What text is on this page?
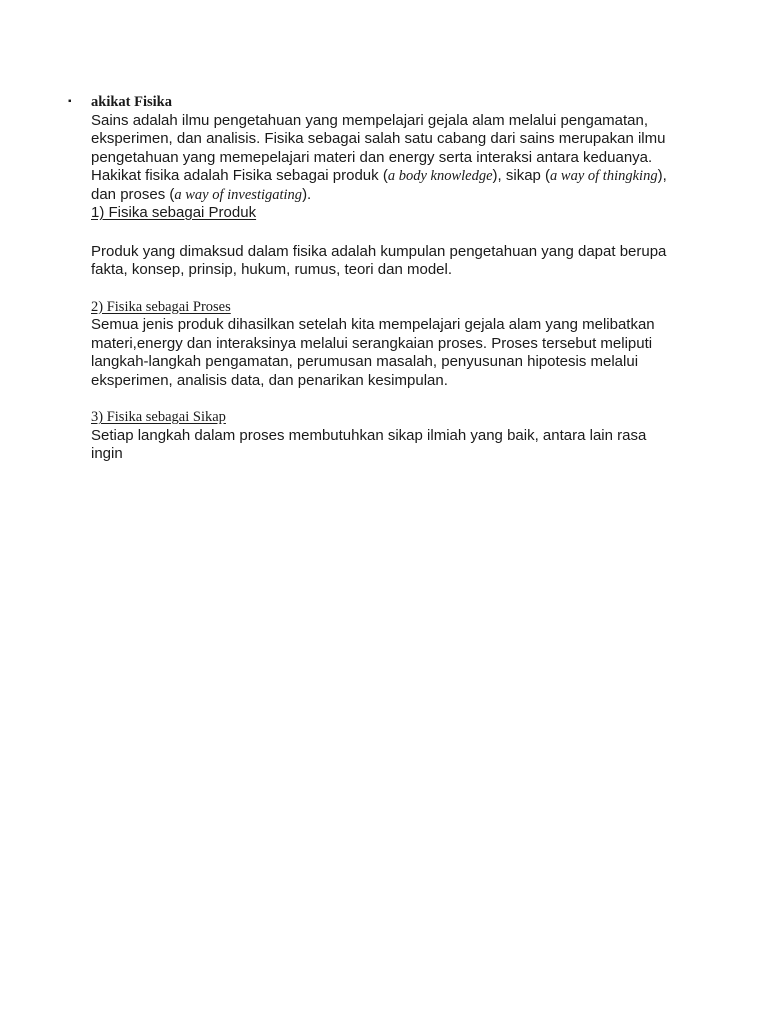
▪ akikat Fisika

Sains adalah ilmu pengetahuan yang mempelajari gejala alam melalui pengamatan,
eksperimen, dan analisis. Fisika sebagai salah satu cabang dari sains merupakan ilmu
pengetahuan yang memepelajari materi dan energy serta interaksi antara keduanya.
Hakikat fisika adalah Fisika sebagai produk (a body knowledge), sikap (a way of thingking),
dan proses (a way of investigating).

1) Fisika sebagai Produk

Produk yang dimaksud dalam fisika adalah kumpulan pengetahuan yang dapat berupa
fakta, konsep, prinsip, hukum, rumus, teori dan model.

2) Fisika sebagai Proses

Semua jenis produk dihasilkan setelah kita mempelajari gejala alam yang melibatkan
materi,energy dan interaksinya melalui serangkaian proses. Proses tersebut meliputi
langkah-langkah pengamatan, perumusan masalah, penyusunan hipotesis melalui
eksperimen, analisis data, dan penarikan kesimpulan.

3) Fisika sebagai Sikap

Setiap langkah dalam proses membutuhkan sikap ilmiah yang baik, antara lain rasa
ingin
